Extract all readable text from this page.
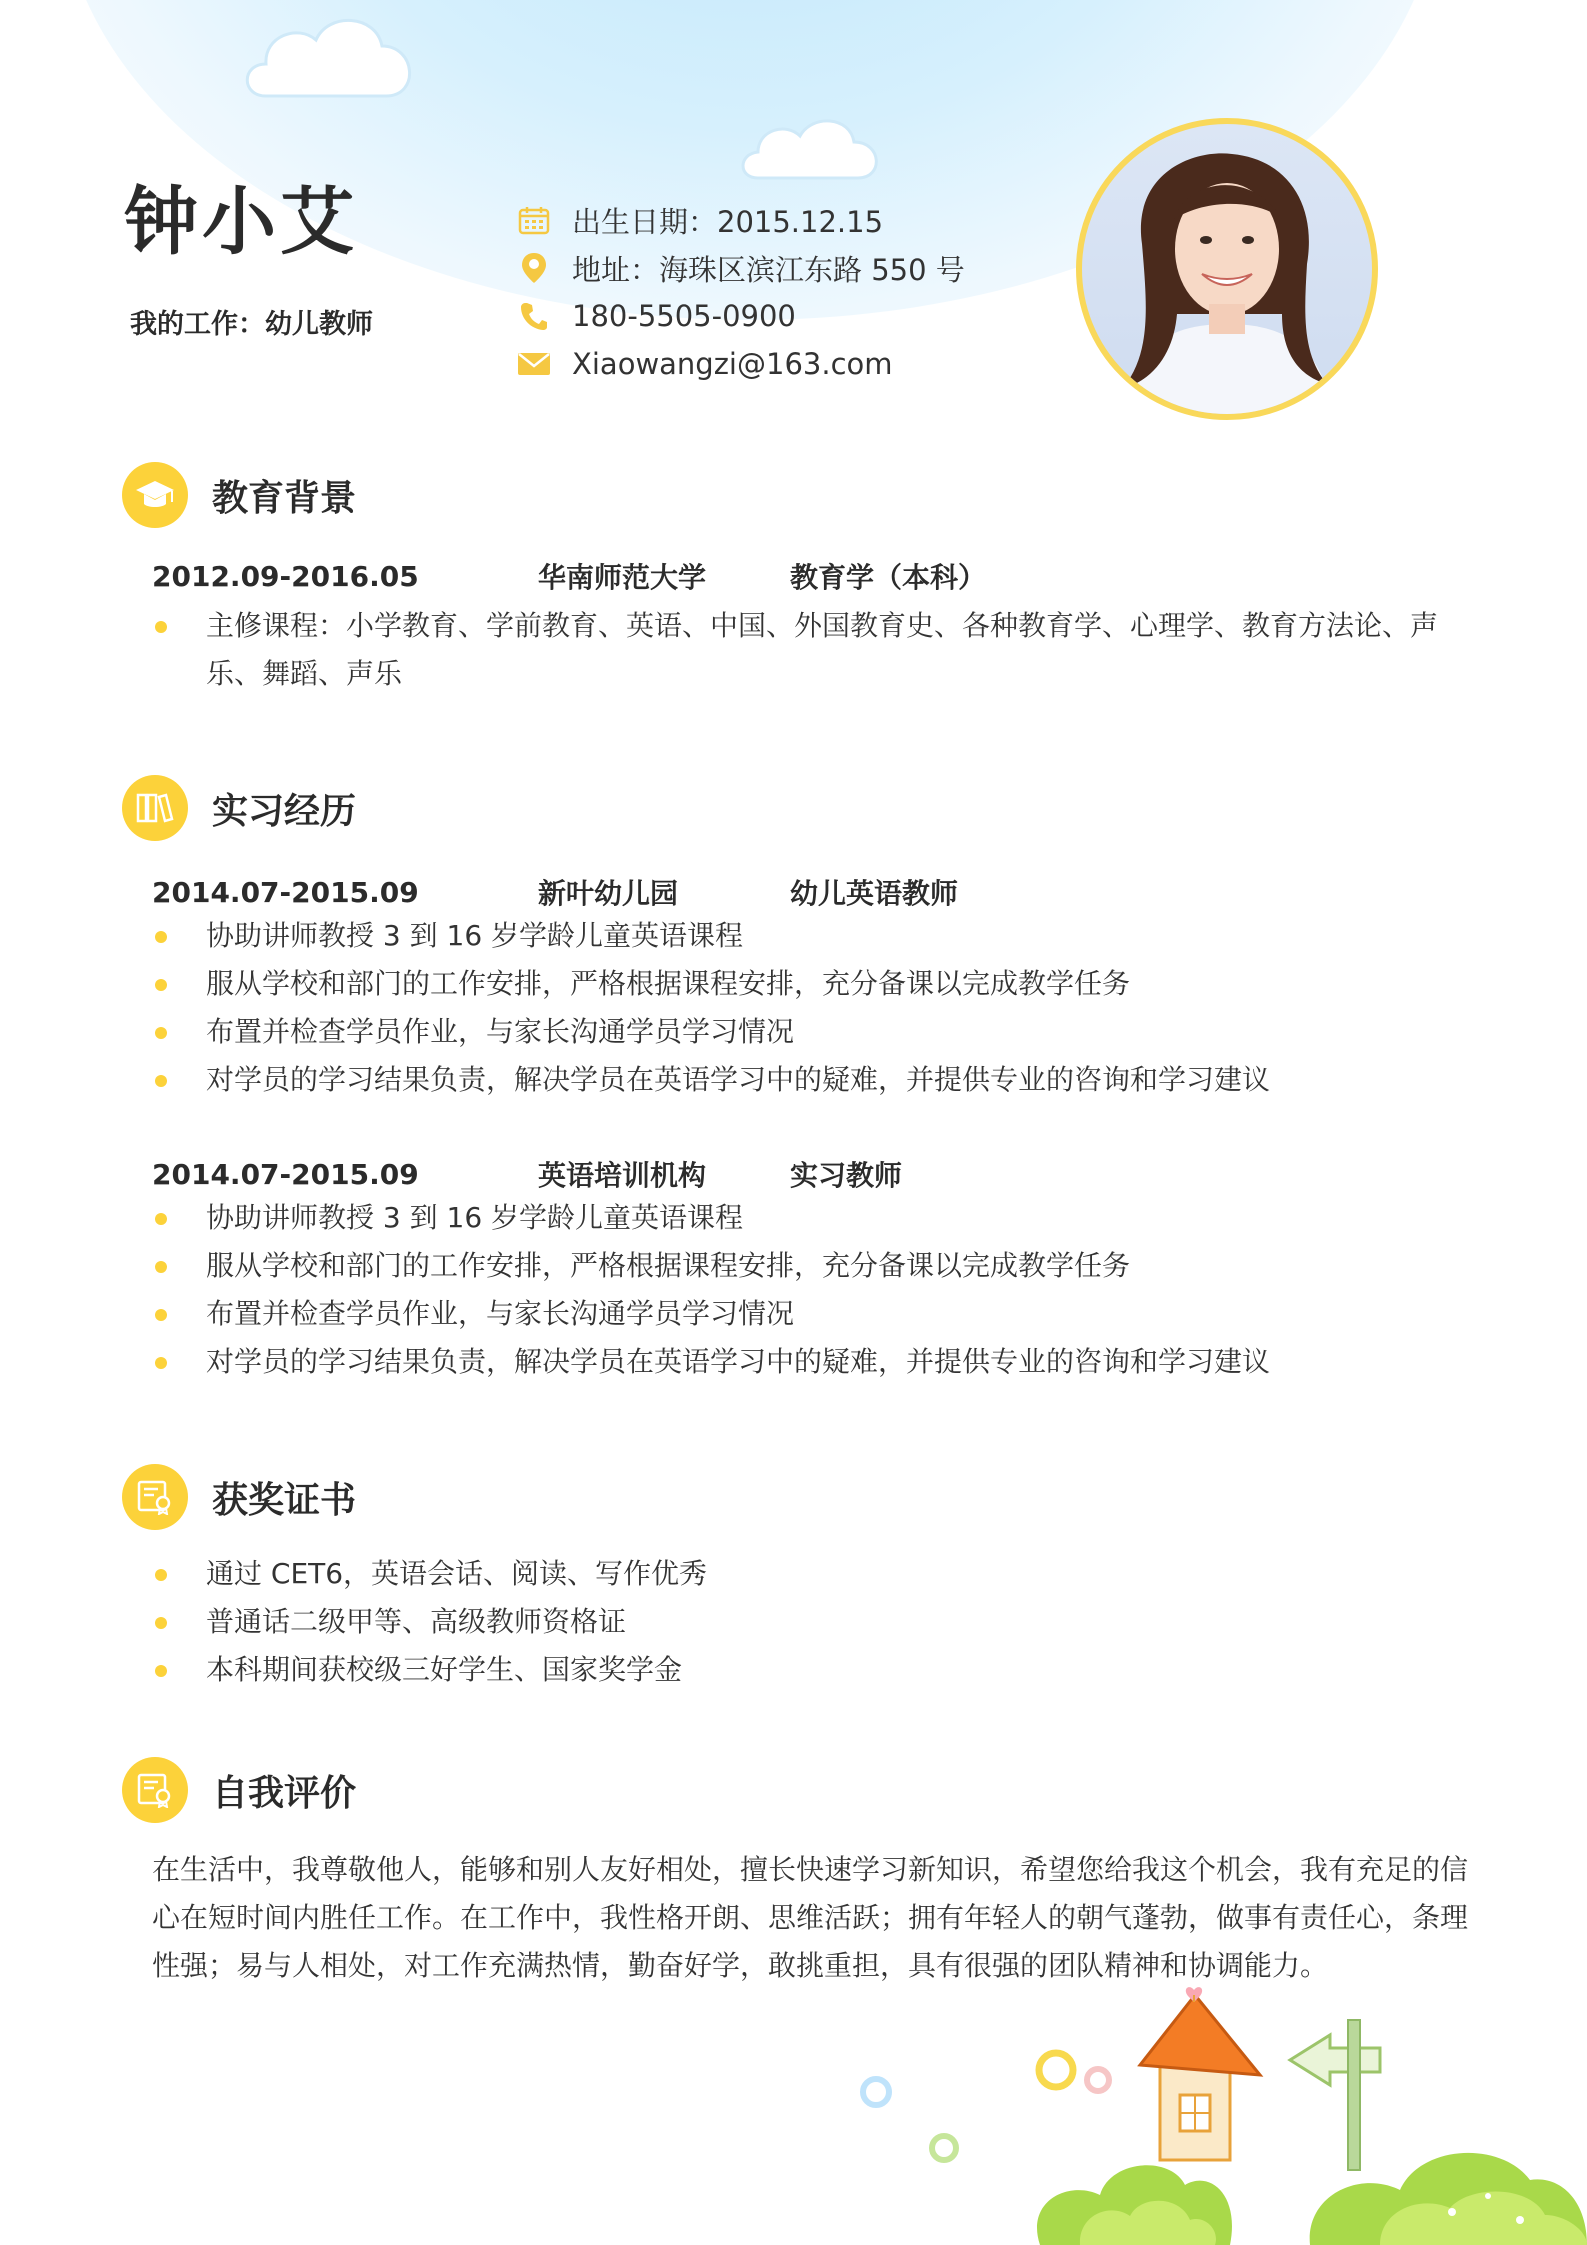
钟小艾
我的工作：幼儿教师
出生日期：2015.12.15
地址：海珠区滨江东路 550 号
180-5505-0900
Xiaowangzi@163.com
教育背景
2012.09-2016.05	华南师范大学	教育学（本科）
主修课程：小学教育、学前教育、英语、中国、外国教育史、各种教育学、心理学、教育方法论、声乐、舞蹈、声乐
实习经历
2014.07-2015.09	新叶幼儿园	幼儿英语教师
协助讲师教授 3 到 16 岁学龄儿童英语课程
服从学校和部门的工作安排，严格根据课程安排，充分备课以完成教学任务
布置并检查学员作业，与家长沟通学员学习情况
对学员的学习结果负责，解决学员在英语学习中的疑难，并提供专业的咨询和学习建议
2014.07-2015.09	英语培训机构	实习教师
协助讲师教授 3 到 16 岁学龄儿童英语课程
服从学校和部门的工作安排，严格根据课程安排，充分备课以完成教学任务
布置并检查学员作业，与家长沟通学员学习情况
对学员的学习结果负责，解决学员在英语学习中的疑难，并提供专业的咨询和学习建议
获奖证书
通过 CET6，英语会话、阅读、写作优秀
普通话二级甲等、高级教师资格证
本科期间获校级三好学生、国家奖学金
自我评价
在生活中，我尊敬他人，能够和别人友好相处，擅长快速学习新知识，希望您给我这个机会，我有充足的信心在短时间内胜任工作。在工作中，我性格开朗、思维活跃；拥有年轻人的朝气蓬勃，做事有责任心，条理性强；易与人相处，对工作充满热情，勤奋好学，敢挑重担，具有很强的团队精神和协调能力。
